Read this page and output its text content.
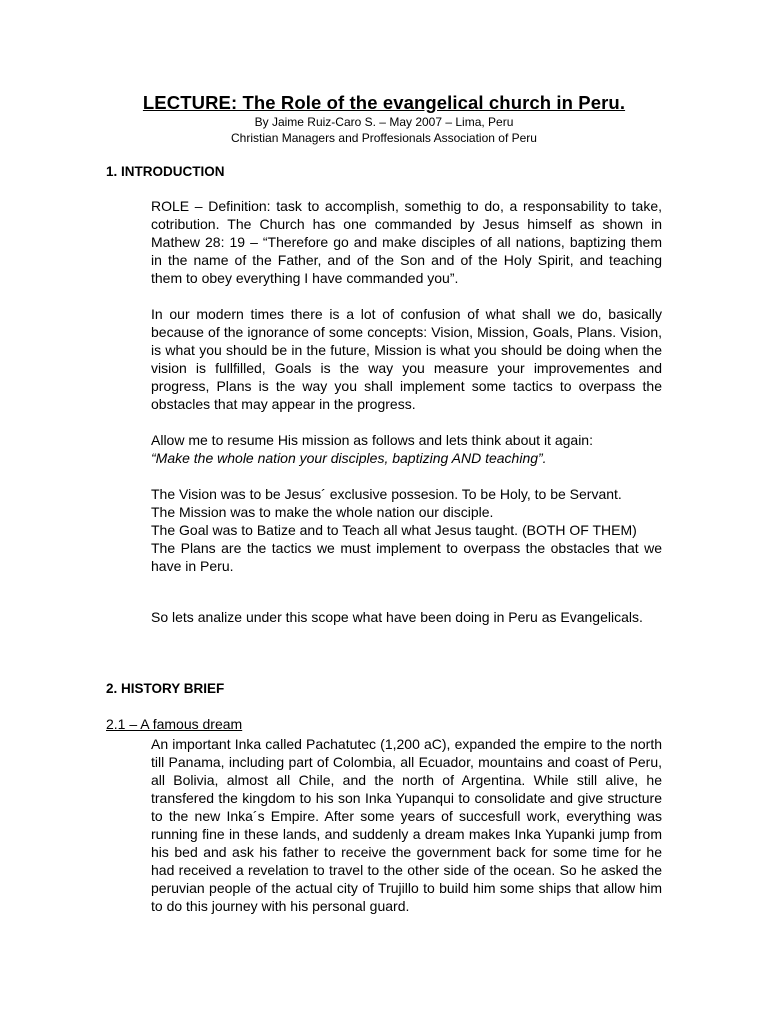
LECTURE: The Role of the evangelical church in Peru.
By Jaime Ruiz-Caro S. – May 2007 – Lima, Peru
Christian Managers and Proffesionals Association of Peru
1. INTRODUCTION

ROLE – Definition: task to accomplish, somethig to do, a responsability to take, cotribution. The Church has one commanded by Jesus himself as shown in Mathew 28: 19 – “Therefore go and make disciples of all nations, baptizing them in the name of the Father, and of the Son and of the Holy Spirit, and teaching them to obey everything I have commanded you”.

In our modern times there is a lot of confusion of what shall we do, basically because of the ignorance of some concepts: Vision, Mission, Goals, Plans. Vision, is what you should be in the future, Mission is what you should be doing when the vision is fullfilled, Goals is the way you measure your improvementes and progress, Plans is the way you shall implement some tactics to overpass the obstacles that may appear in the progress.

Allow me to resume His mission as follows and lets think about it again:
“Make the whole nation your disciples, baptizing AND teaching”.
The Vision was to be Jesus´ exclusive possesion. To be Holy, to be Servant.
The Mission was to make the whole nation our disciple.
The Goal was to Batize and to Teach all what Jesus taught. (BOTH OF THEM)
The Plans are the tactics we must implement to overpass the obstacles that we have in Peru.

So lets analize under this scope what have been doing in Peru as Evangelicals.

2. HISTORY BRIEF
2.1 – A famous dream

An important Inka called Pachatutec (1,200 aC), expanded the empire to the north till Panama, including part of Colombia, all Ecuador, mountains and coast of Peru, all Bolivia, almost all Chile, and the north of Argentina. While still alive, he transfered the kingdom to his son Inka Yupanqui to consolidate and give structure to the new Inka´s Empire. After some years of succesfull work, everything was running fine in these lands, and suddenly a dream makes Inka Yupanki jump from his bed and ask his father to receive the government back for some time for he had received a revelation to travel to the other side of the ocean. So he asked the peruvian people of the actual city of Trujillo to build him some ships that allow him to do this journey with his personal guard.
